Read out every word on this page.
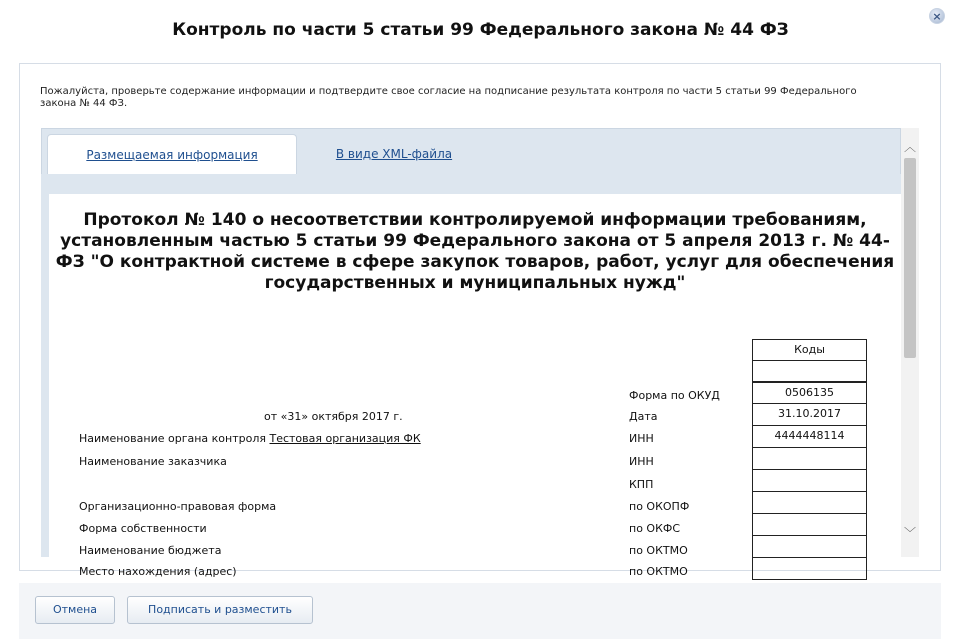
Контроль по части 5 статьи 99 Федерального закона № 44 ФЗ
×
Пожалуйста, проверьте содержание информации и подтвердите свое согласие на подписание результата контроля по части 5 статьи 99 Федерального закона № 44 ФЗ.
Размещаемая информация	В виде XML-файла
Протокол № 140 о несоответствии контролируемой информации требованиям, установленным частью 5 статьи 99 Федерального закона от 5 апреля 2013 г. № 44-ФЗ "О контрактной системе в сфере закупок товаров, работ, услуг для обеспечения государственных и муниципальных нужд"
от «31» октября 2017 г.
Наименование органа контроля Тестовая организация ФК
Наименование заказчика
Организационно-правовая форма
Форма собственности
Наименование бюджета
Место нахождения (адрес)
Форма по ОКУД
Дата
ИНН
ИНН
КПП
по ОКОПФ
по ОКФС
по ОКТМО
по ОКТМО
Коды
0506135
31.10.2017
4444448114
︿
﹀
Отмена	Подписать и разместить
